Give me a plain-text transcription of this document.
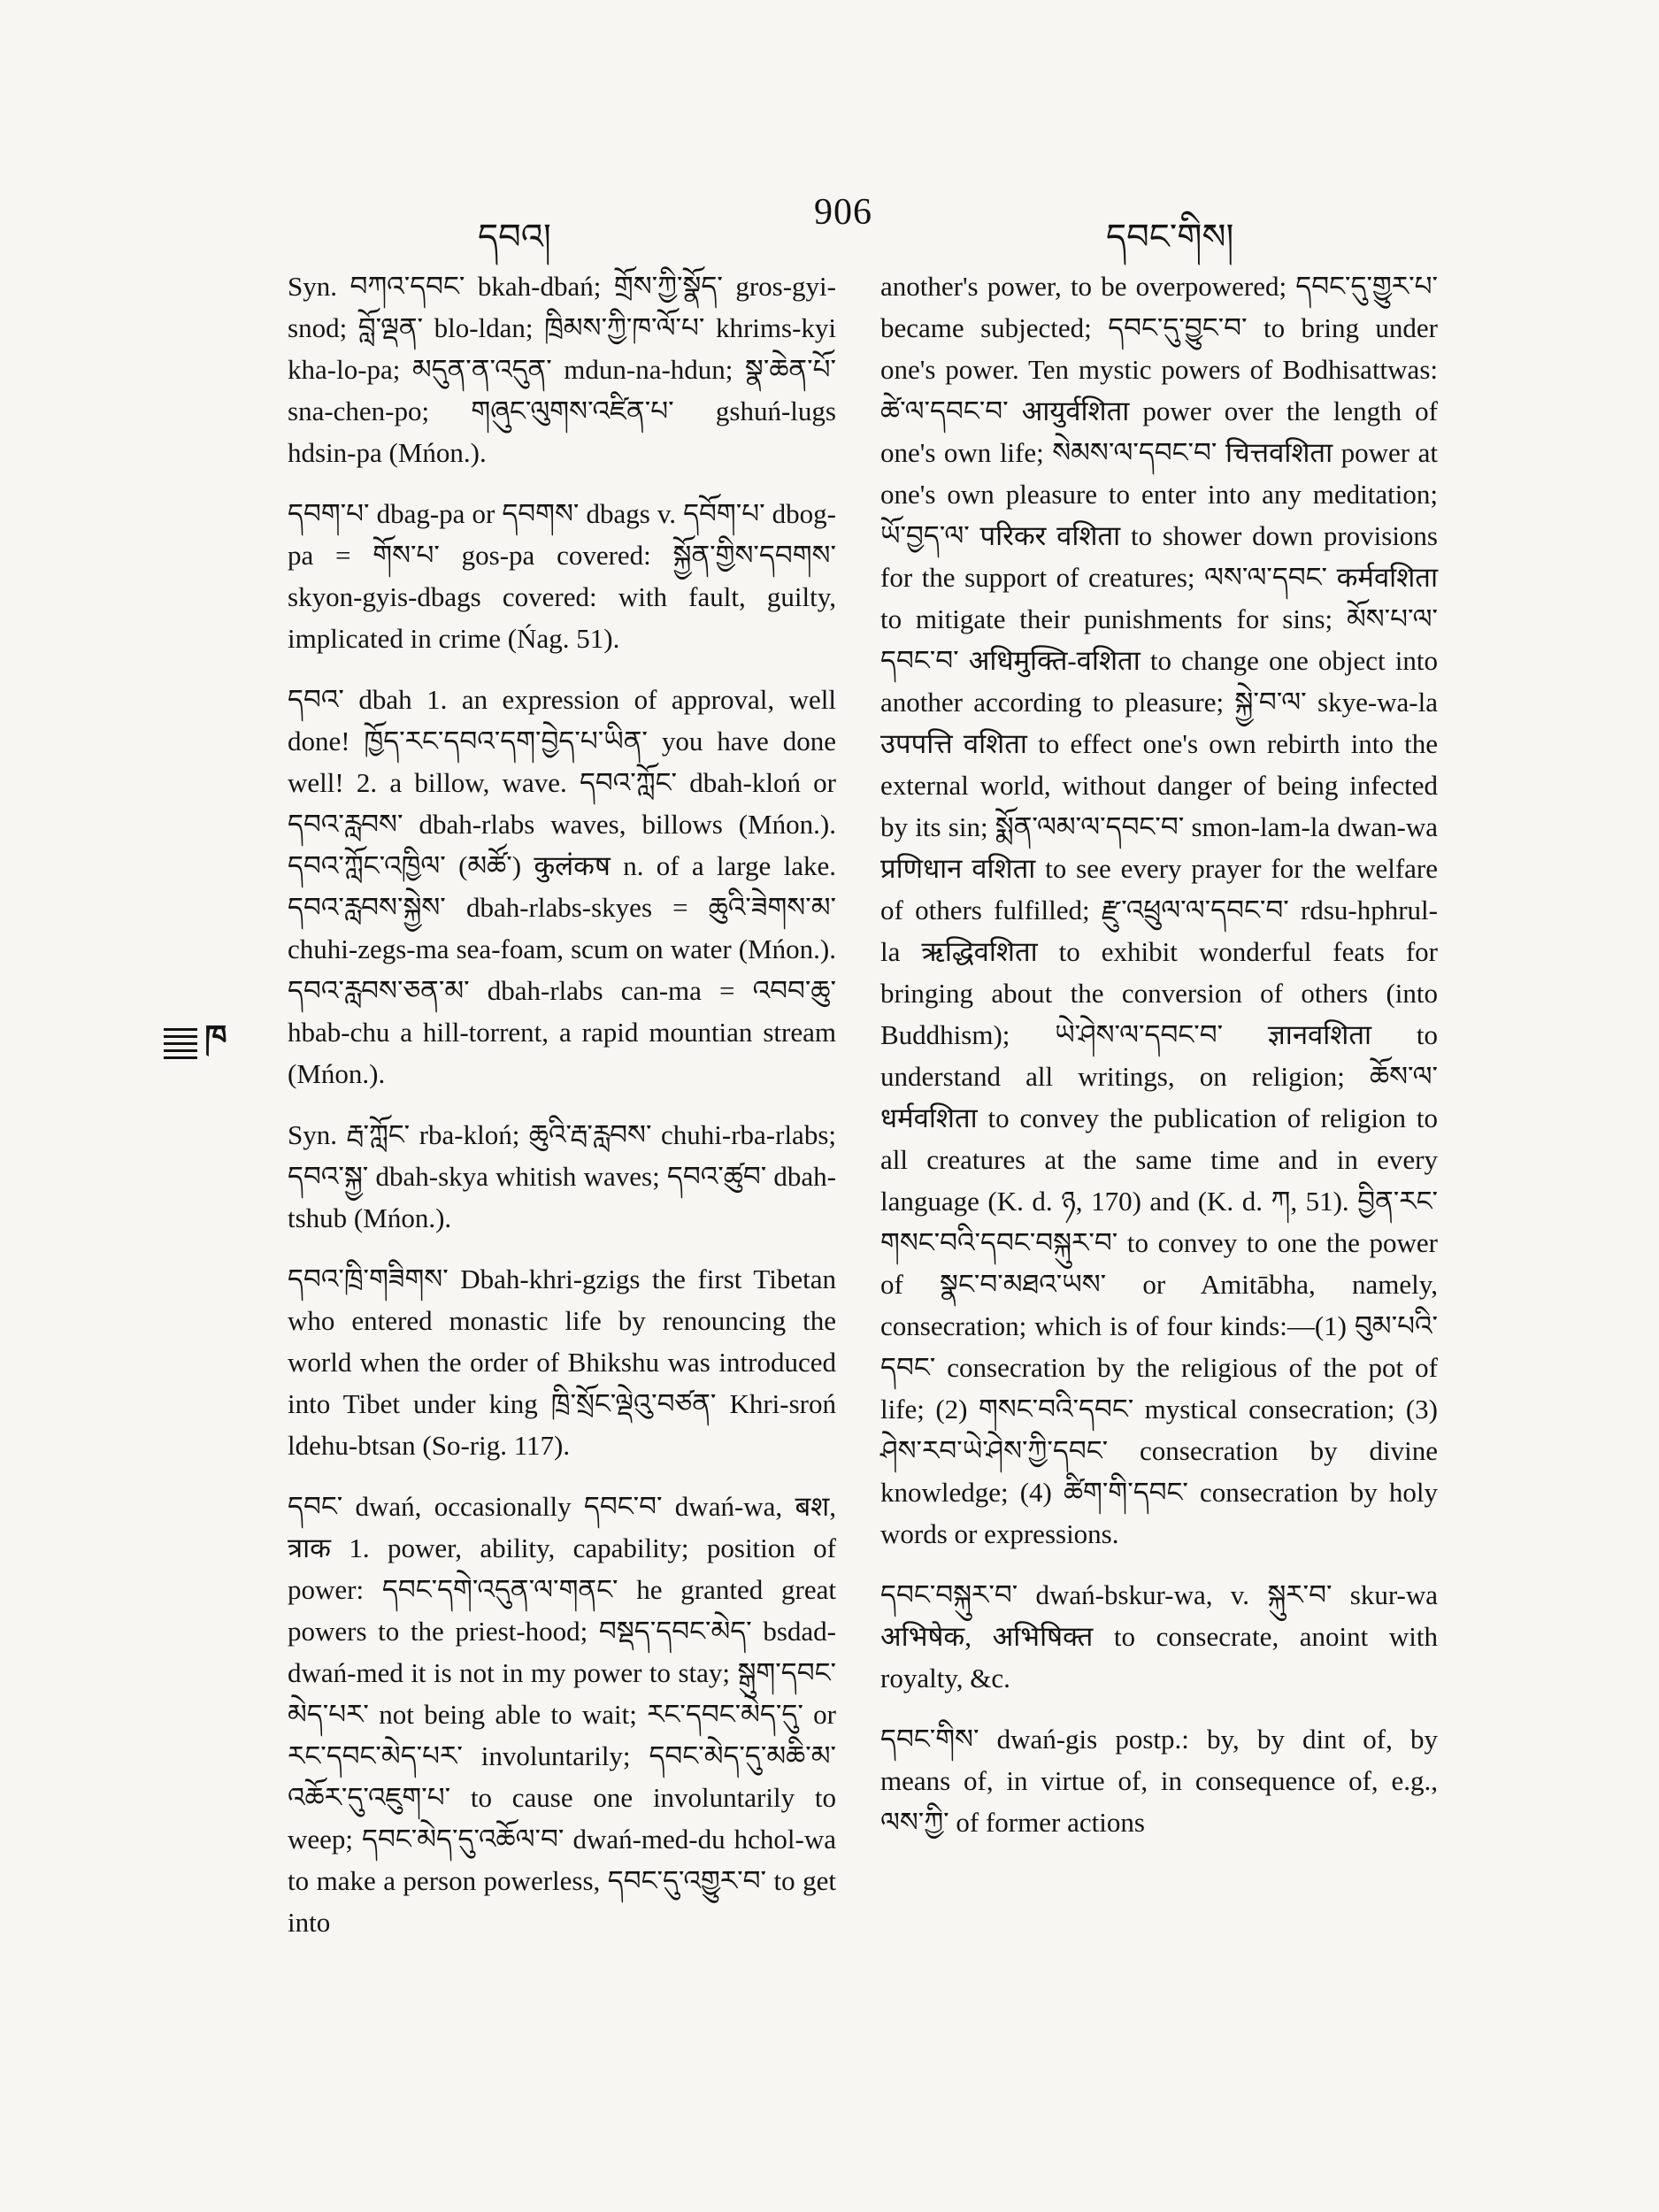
དབའ།
906
དབང་གིས།
ཁ

Syn. བཀའ་དབང་ bkah-dbań; གྲོས་ཀྱི་སྣོད་ gros-gyi-snod; བློ་ལྡན་ blo-ldan; ཁྲིམས་ཀྱི་ཁ་ལོ་པ་ khrims-kyi kha-lo-pa; མདུན་ན་འདུན་ mdun-na-hdun; སྣ་ཆེན་པོ་ sna-chen-po; གཞུང་ལུགས་འཛིན་པ་ gshuń-lugs hdsin-pa (Mńon.).

དབག་པ་ dbag-pa or དབགས་ dbags v. དབོག་པ་ dbog-pa = གོས་པ་ gos-pa covered: སྐྱོན་གྱིས་དབགས་ skyon-gyis-dbags covered: with fault, guilty, implicated in crime (Ńag. 51).

དབའ་ dbah 1. an expression of approval, well done! ཁྱོད་རང་དབའ་དག་བྱེད་པ་ཡིན་ you have done well! 2. a billow, wave. དབའ་ཀློང་ dbah-kloń or དབའ་རླབས་ dbah-rlabs waves, billows (Mńon.). དབའ་ཀློང་འཁྱིལ་ (མཚོ་) कुलंकष n. of a large lake. དབའ་རླབས་སྐྱེས་ dbah-rlabs-skyes = ཆུའི་ཟེགས་མ་ chuhi-zegs-ma sea-foam, scum on water (Mńon.). དབའ་རླབས་ཅན་མ་ dbah-rlabs can-ma = འབབ་ཆུ་ hbab-chu a hill-torrent, a rapid mountian stream (Mńon.).

Syn. རྦ་ཀློང་ rba-kloń; ཆུའི་རྦ་རླབས་ chuhi-rba-rlabs; དབའ་སྐྱ་ dbah-skya whitish waves; དབའ་ཚུབ་ dbah-tshub (Mńon.).

དབའ་ཁྲི་གཟིགས་ Dbah-khri-gzigs the first Tibetan who entered monastic life by renouncing the world when the order of Bhikshu was introduced into Tibet under king ཁྲི་སྲོང་ལྡེའུ་བཙན་ Khri-sroń ldehu-btsan (So-rig. 117).

དབང་ dwań, occasionally དབང་བ་ dwań-wa, बश, त्राक 1. power, ability, capability; position of power: དབང་དགེ་འདུན་ལ་གནང་ he granted great powers to the priest-hood; བསྡད་དབང་མེད་ bsdad-dwań-med it is not in my power to stay; སྒུག་དབང་མེད་པར་ not being able to wait; རང་དབང་མེད་དུ་ or རང་དབང་མེད་པར་ involuntarily; དབང་མེད་དུ་མཆི་མ་འཆོར་དུ་འཇུག་པ་ to cause one involuntarily to weep; དབང་མེད་དུ་འཆོལ་བ་ dwań-med-du hchol-wa to make a person powerless, དབང་དུ་འགྱུར་བ་ to get into

another's power, to be overpowered; དབང་དུ་གྱུར་པ་ became subjected; དབང་དུ་བྱུང་བ་ to bring under one's power. Ten mystic powers of Bodhisattwas: ཚེ་ལ་དབང་བ་ आयुर्वशिता power over the length of one's own life; སེམས་ལ་དབང་བ་ चित्तवशिता power at one's own pleasure to enter into any meditation; ཡོ་བྱད་ལ་ परिकर वशिता to shower down provisions for the support of creatures; ལས་ལ་དབང་ कर्मवशिता to mitigate their punishments for sins; མོས་པ་ལ་དབང་བ་ अधिमुक्ति-वशिता to change one object into another according to pleasure; སྐྱེ་བ་ལ་ skye-wa-la उपपत्ति वशिता to effect one's own rebirth into the external world, without danger of being infected by its sin; སྨོན་ལམ་ལ་དབང་བ་ smon-lam-la dwan-wa प्रणिधान वशिता to see every prayer for the welfare of others fulfilled; རྫུ་འཕྲུལ་ལ་དབང་བ་ rdsu-hphrul-la ऋद्धिवशिता to exhibit wonderful feats for bringing about the conversion of others (into Buddhism); ཡེ་ཤེས་ལ་དབང་བ་ ज्ञानवशिता to understand all writings, on religion; ཆོས་ལ་ धर्मवशिता to convey the publication of religion to all creatures at the same time and in every language (K. d. ཉ, 170) and (K. d. ཀ, 51). བྱིན་རང་གསང་བའི་དབང་བསྐུར་བ་ to convey to one the power of སྣང་བ་མཐའ་ཡས་ or Amitābha, namely, consecration; which is of four kinds:—(1) བུམ་པའི་དབང་ consecration by the religious of the pot of life; (2) གསང་བའི་དབང་ mystical consecration; (3) ཤེས་རབ་ཡེ་ཤེས་ཀྱི་དབང་ consecration by divine knowledge; (4) ཚིག་གི་དབང་ consecration by holy words or expressions.

དབང་བསྐུར་བ་ dwań-bskur-wa, v. སྐུར་བ་ skur-wa अभिषेक, अभिषिक्त to consecrate, anoint with royalty, &c.

དབང་གིས་ dwań-gis postp.: by, by dint of, by means of, in virtue of, in consequence of, e.g., ལས་ཀྱི་ of former actions
